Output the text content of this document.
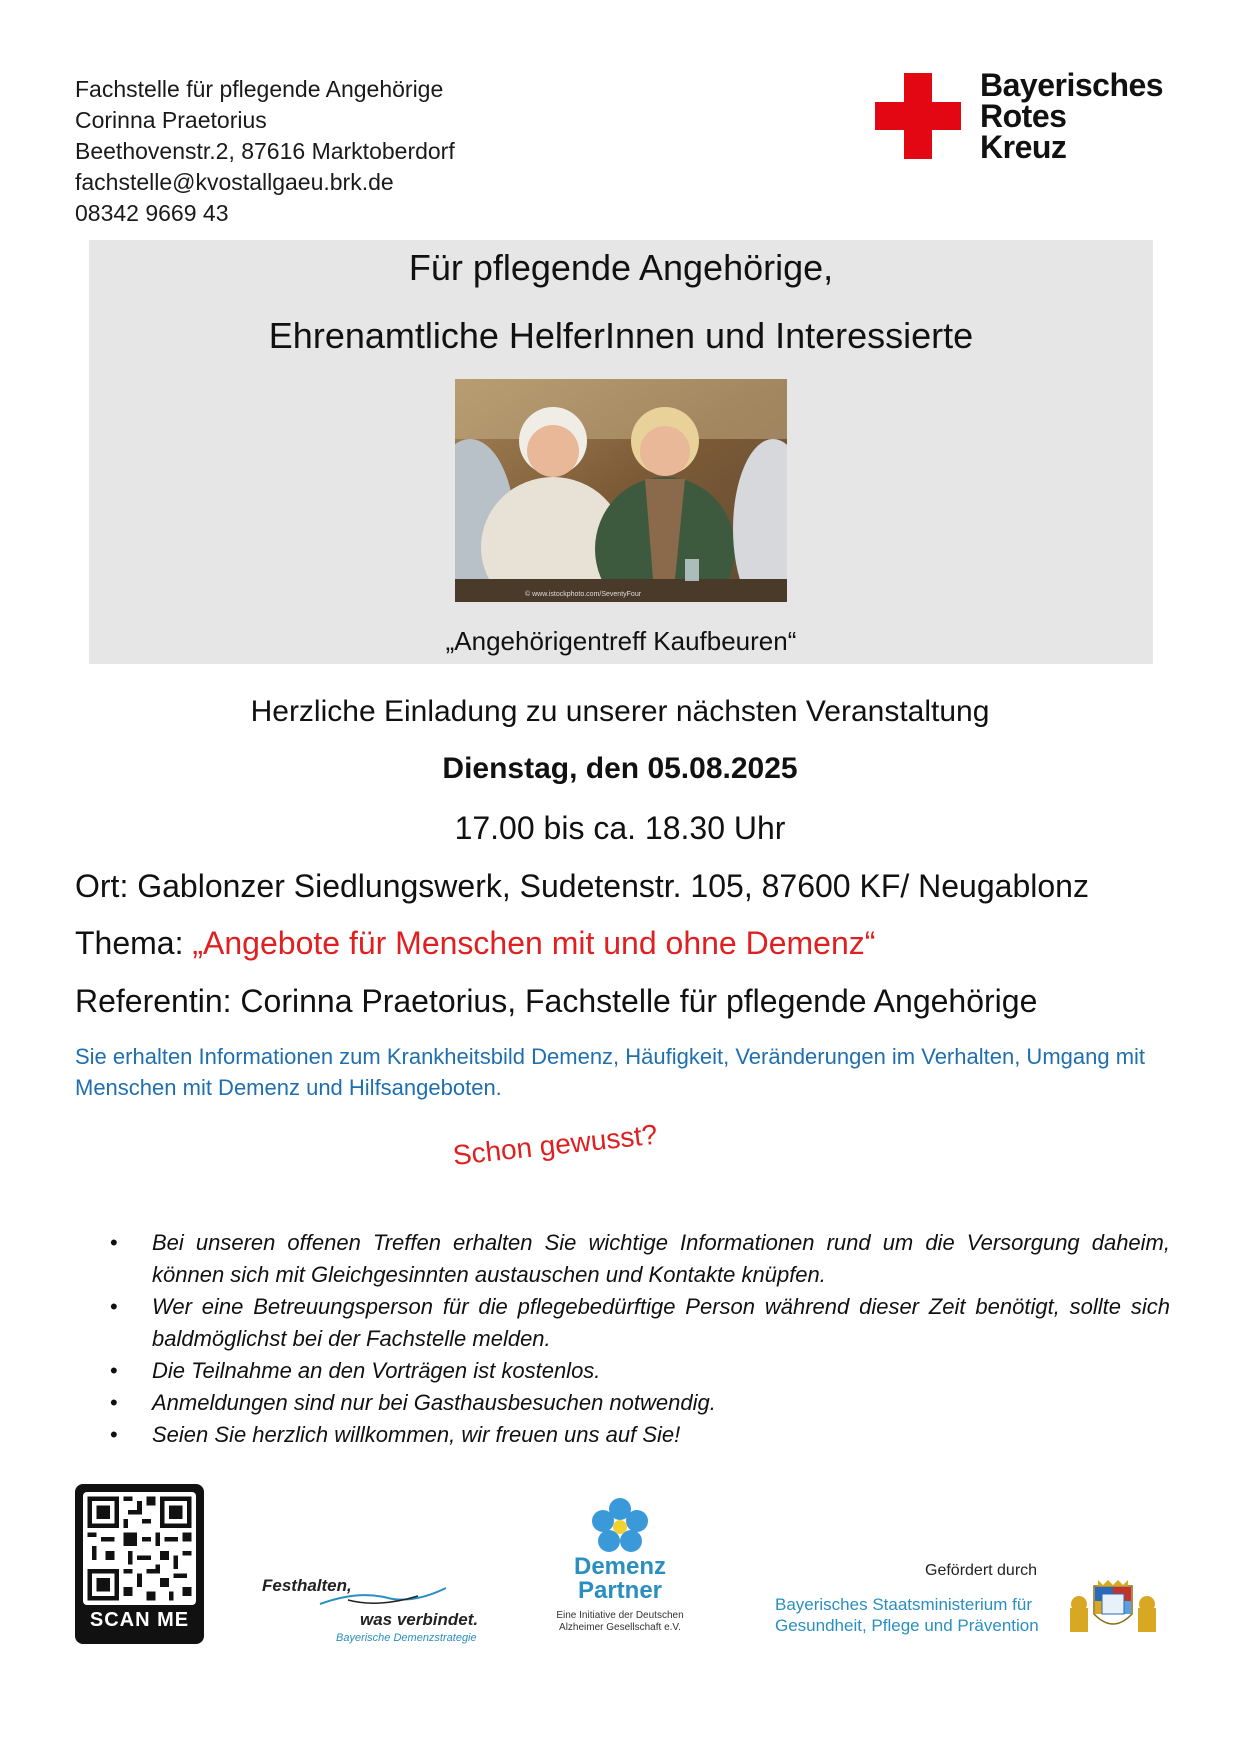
Fachstelle für pflegende Angehörige
Corinna Praetorius
Beethovenstr.2, 87616 Marktoberdorf
fachstelle@kvostallgaeu.brk.de
08342 9669 43
Bayerisches
Rotes
Kreuz
Für pflegende Angehörige,
Ehrenamtliche HelferInnen und Interessierte
© www.istockphoto.com/SeventyFour
„Angehörigentreff Kaufbeuren“
Herzliche Einladung zu unserer nächsten Veranstaltung
Dienstag, den 05.08.2025
17.00 bis ca. 18.30 Uhr
Ort: Gablonzer Siedlungswerk, Sudetenstr. 105, 87600 KF/ Neugablonz
Thema: „Angebote für Menschen mit und ohne Demenz“
Referentin: Corinna Praetorius, Fachstelle für pflegende Angehörige
Sie erhalten Informationen zum Krankheitsbild Demenz, Häufigkeit, Veränderungen im Verhalten, Umgang mit Menschen mit Demenz und Hilfsangeboten.
Schon gewusst?
• Bei unseren offenen Treffen erhalten Sie wichtige Informationen rund um die Versorgung daheim, können sich mit Gleichgesinnten austauschen und Kontakte knüpfen.
• Wer eine Betreuungsperson für die pflegebedürftige Person während dieser Zeit benötigt, sollte sich baldmöglichst bei der Fachstelle melden.
• Die Teilnahme an den Vorträgen ist kostenlos.
• Anmeldungen sind nur bei Gasthausbesuchen notwendig.
• Seien Sie herzlich willkommen, wir freuen uns auf Sie!
SCAN ME
Festhalten,
was verbindet.
Bayerische Demenzstrategie
Demenz
Partner
Eine Initiative der Deutschen
Alzheimer Gesellschaft e.V.
Gefördert durch
Bayerisches Staatsministerium für
Gesundheit, Pflege und Prävention
